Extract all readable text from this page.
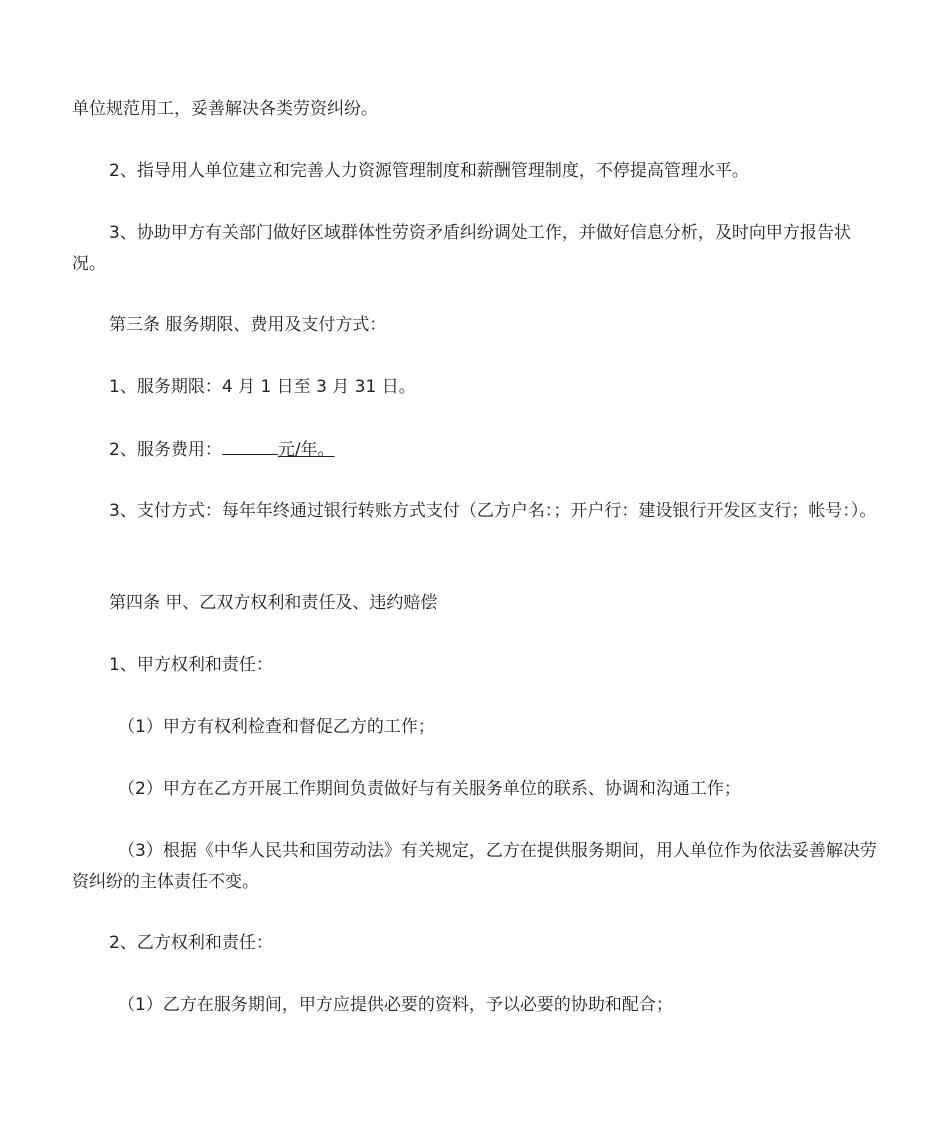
单位规范用工，妥善解决各类劳资纠纷。

2、指导用人单位建立和完善人力资源管理制度和薪酬管理制度，不停提高管理水平。

3、协助甲方有关部门做好区域群体性劳资矛盾纠纷调处工作，并做好信息分析，及时向甲方报告状况。

第三条 服务期限、费用及支付方式：

1、服务期限：4 月 1 日至 3 月 31 日。

2、服务费用：	元/年。

3、支付方式：每年年终通过银行转账方式支付（乙方户名：；开户行：建设银行开发区支行；帐号：）。

第四条 甲、乙双方权利和责任及、违约赔偿

1、甲方权利和责任：

（1）甲方有权利检查和督促乙方的工作；

（2）甲方在乙方开展工作期间负责做好与有关服务单位的联系、协调和沟通工作；

（3）根据《中华人民共和国劳动法》有关规定，乙方在提供服务期间，用人单位作为依法妥善解决劳资纠纷的主体责任不变。

2、乙方权利和责任：

（1）乙方在服务期间，甲方应提供必要的资料，予以必要的协助和配合；
